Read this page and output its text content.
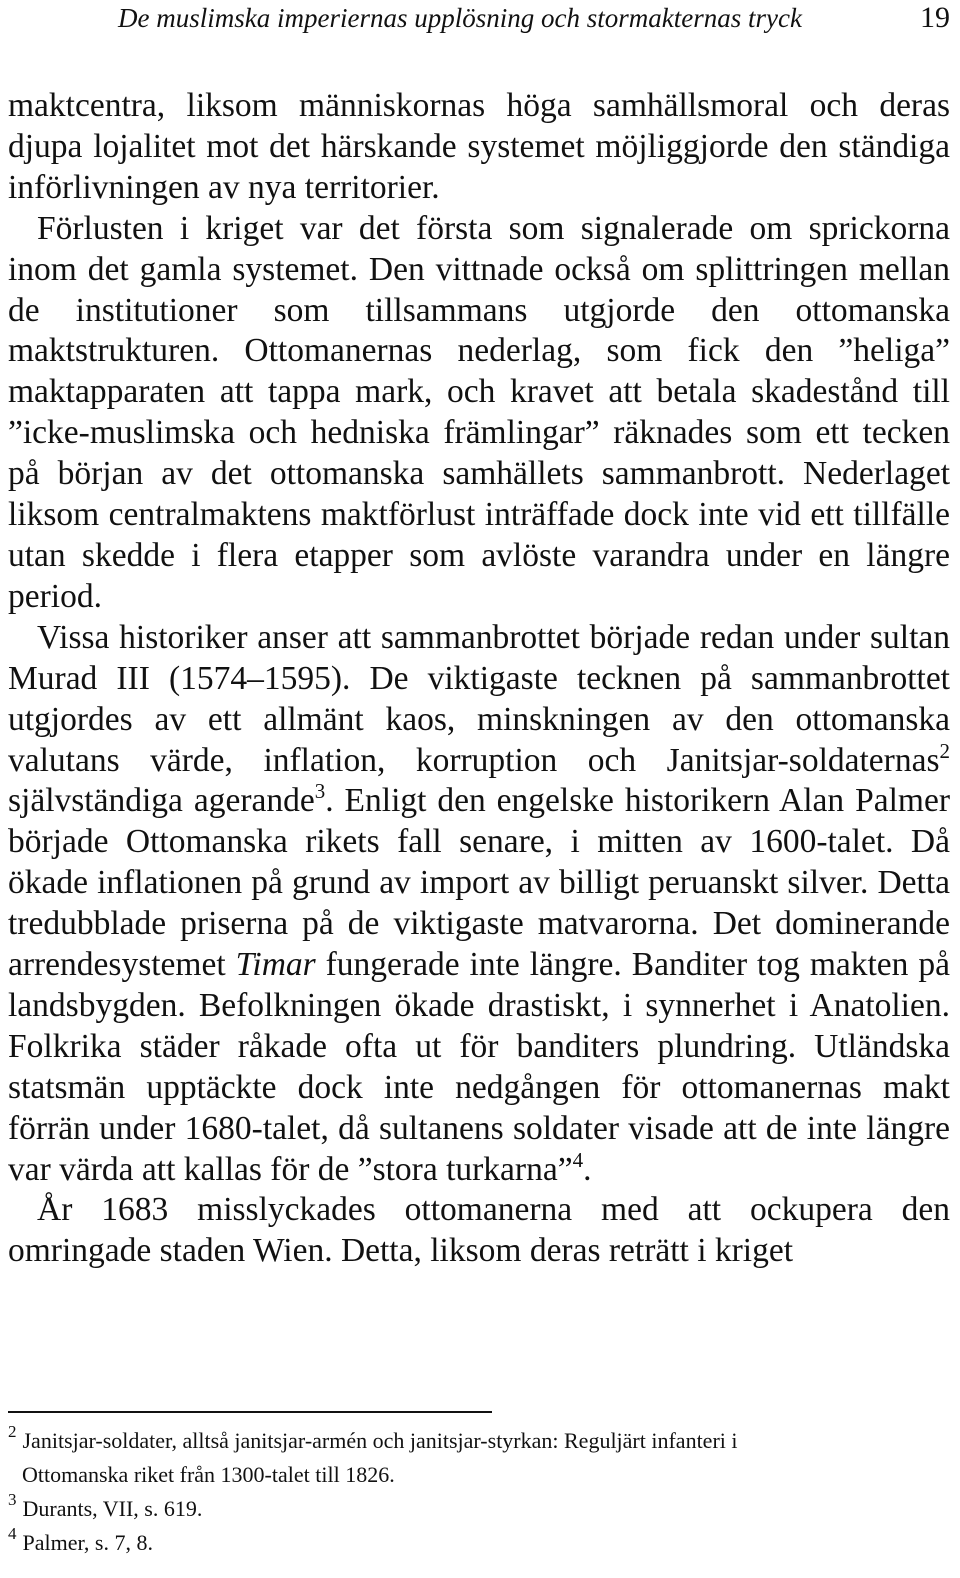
De muslimska imperiernas upplösning och stormakternas tryck	19

maktcentra, liksom människornas höga samhällsmoral och deras djupa lojalitet mot det härskande systemet möjliggjorde den ständiga införlivningen av nya territorier.

Förlusten i kriget var det första som signalerade om sprickorna inom det gamla systemet. Den vittnade också om splittringen mellan de institutioner som tillsammans utgjorde den ottomanska maktstrukturen. Ottomanernas nederlag, som fick den ”heliga” maktapparaten att tappa mark, och kravet att betala skadestånd till ”icke-muslimska och hedniska främlingar” räknades som ett tecken på början av det ottomanska samhällets sammanbrott. Nederlaget liksom centralmaktens maktförlust inträffade dock inte vid ett tillfälle utan skedde i flera etapper som avlöste varandra under en längre period.

Vissa historiker anser att sammanbrottet började redan under sultan Murad III (1574–1595). De viktigaste tecknen på sammanbrottet utgjordes av ett allmänt kaos, minskningen av den ottomanska valutans värde, inflation, korruption och Janitsjar-soldaternas$^2$ självständiga agerande$^3$. Enligt den engelske historikern Alan Palmer började Ottomanska rikets fall senare, i mitten av 1600-talet. Då ökade inflationen på grund av import av billigt peruanskt silver. Detta tredubblade priserna på de viktigaste matvarorna. Det dominerande arrendesystemet Timar fungerade inte längre. Banditer tog makten på landsbygden. Befolkningen ökade drastiskt, i synnerhet i Anatolien. Folkrika städer råkade ofta ut för banditers plundring. Utländska statsmän upptäckte dock inte nedgången för ottomanernas makt förrän under 1680-talet, då sultanens soldater visade att de inte längre var värda att kallas för de ”stora turkarna”$^4$.

År 1683 misslyckades ottomanerna med att ockupera den omringade staden Wien. Detta, liksom deras reträtt i kriget

$^2$ Janitsjar-soldater, alltså janitsjar-armén och janitsjar-styrkan: Reguljärt infanteri i
Ottomanska riket från 1300-talet till 1826.

$^3$ Durants, VII, s. 619.

$^4$ Palmer, s. 7, 8.
